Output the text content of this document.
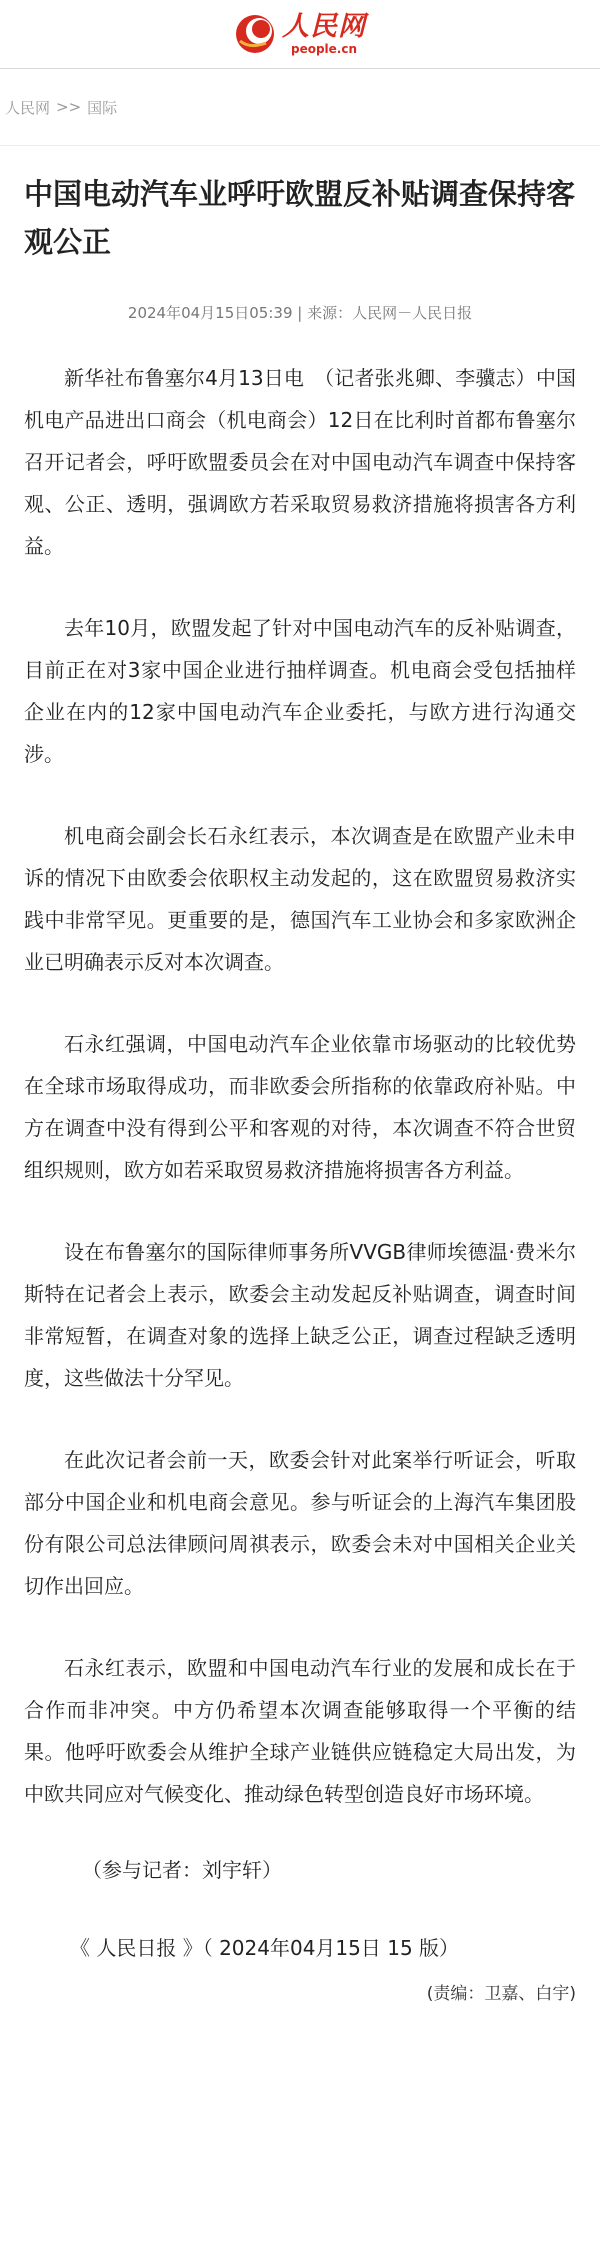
人民网
people.cn
人民网 >> 国际
中国电动汽车业呼吁欧盟反补贴调查保持客观公正
2024年04月15日05:39 | 来源：人民网－人民日报

新华社布鲁塞尔4月13日电　（记者张兆卿、李骥志）中国机电产品进出口商会（机电商会）12日在比利时首都布鲁塞尔召开记者会，呼吁欧盟委员会在对中国电动汽车调查中保持客观、公正、透明，强调欧方若采取贸易救济措施将损害各方利益。

去年10月，欧盟发起了针对中国电动汽车的反补贴调查，目前正在对3家中国企业进行抽样调查。机电商会受包括抽样企业在内的12家中国电动汽车企业委托，与欧方进行沟通交涉。

机电商会副会长石永红表示，本次调查是在欧盟产业未申诉的情况下由欧委会依职权主动发起的，这在欧盟贸易救济实践中非常罕见。更重要的是，德国汽车工业协会和多家欧洲企业已明确表示反对本次调查。

石永红强调，中国电动汽车企业依靠市场驱动的比较优势在全球市场取得成功，而非欧委会所指称的依靠政府补贴。中方在调查中没有得到公平和客观的对待，本次调查不符合世贸组织规则，欧方如若采取贸易救济措施将损害各方利益。

设在布鲁塞尔的国际律师事务所VVGB律师埃德温·费米尔斯特在记者会上表示，欧委会主动发起反补贴调查，调查时间非常短暂，在调查对象的选择上缺乏公正，调查过程缺乏透明度，这些做法十分罕见。

在此次记者会前一天，欧委会针对此案举行听证会，听取部分中国企业和机电商会意见。参与听证会的上海汽车集团股份有限公司总法律顾问周祺表示，欧委会未对中国相关企业关切作出回应。

石永红表示，欧盟和中国电动汽车行业的发展和成长在于合作而非冲突。中方仍希望本次调查能够取得一个平衡的结果。他呼吁欧委会从维护全球产业链供应链稳定大局出发，为中欧共同应对气候变化、推动绿色转型创造良好市场环境。

（参与记者：刘宇轩）

《 人民日报 》（ 2024年04月15日 15 版）

(责编：卫嘉、白宇)
